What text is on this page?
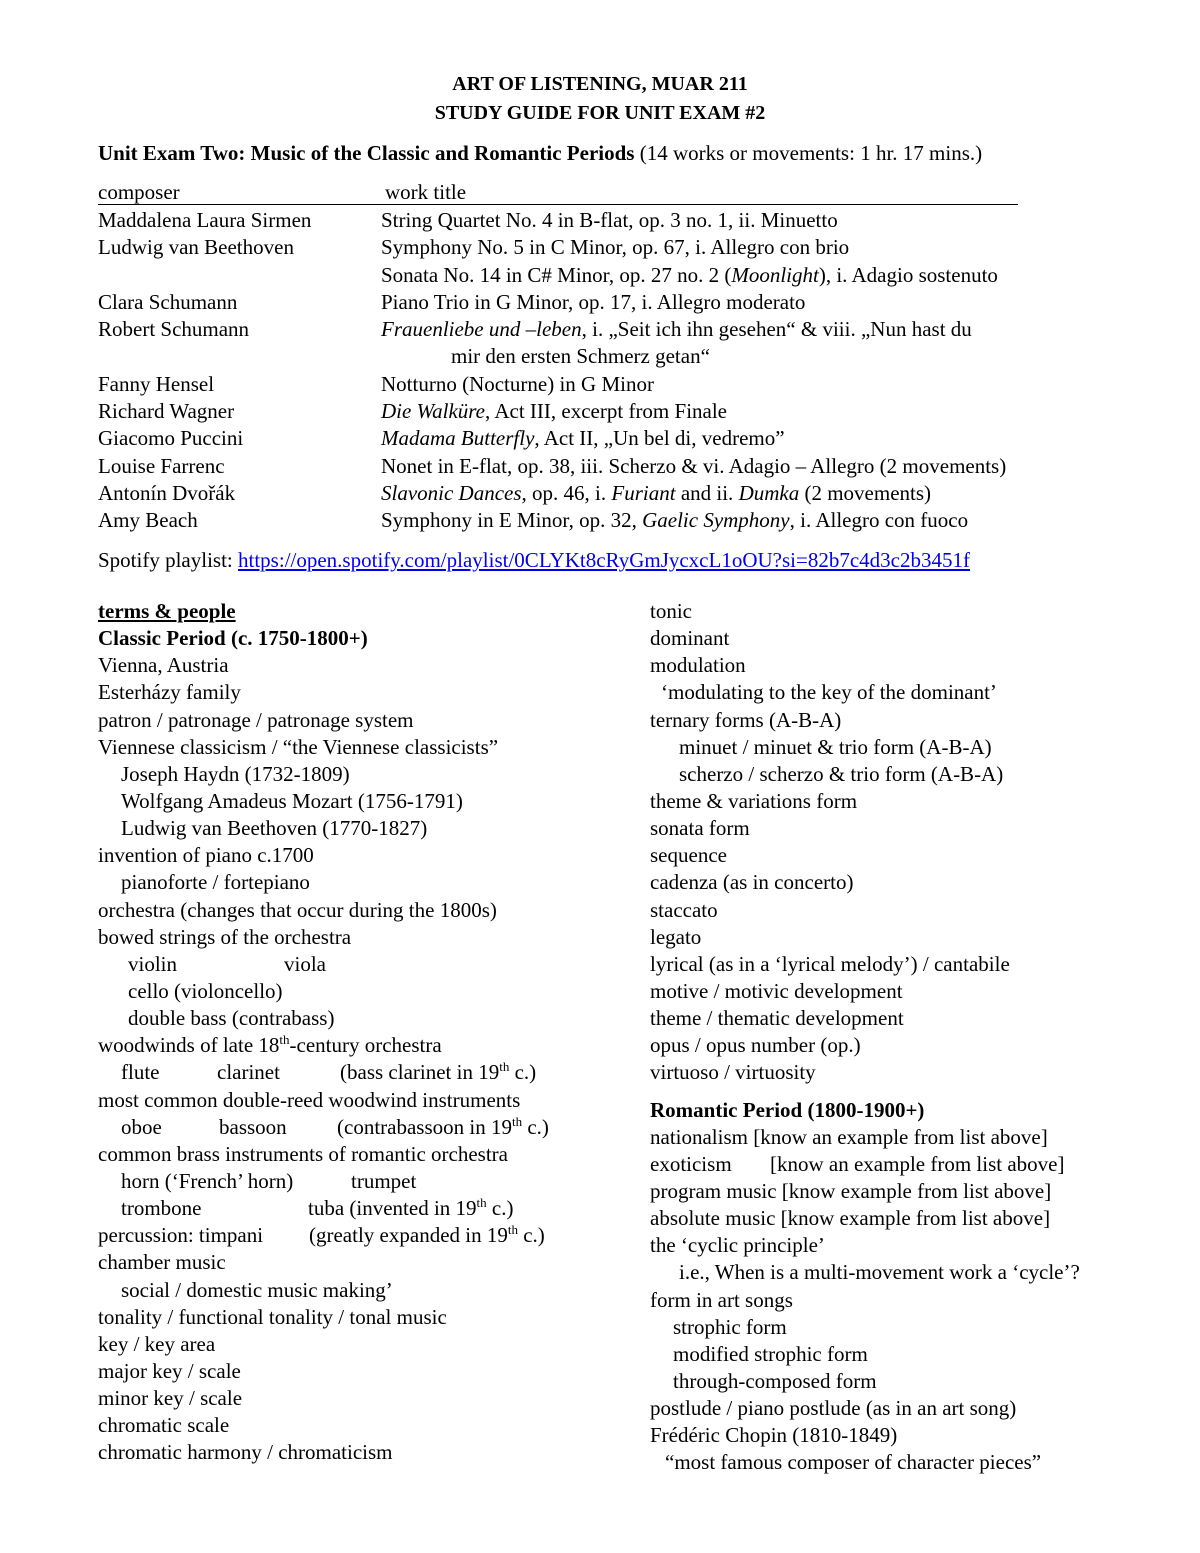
ART OF LISTENING, MUAR 211
STUDY GUIDE FOR UNIT EXAM #2
Unit Exam Two: Music of the Classic and Romantic Periods (14 works or movements: 1 hr. 17 mins.)
composer	work title
Maddalena Laura Sirmen	String Quartet No. 4 in B-flat, op. 3 no. 1, ii. Minuetto
Ludwig van Beethoven	Symphony No. 5 in C Minor, op. 67, i. Allegro con brio
Sonata No. 14 in C# Minor, op. 27 no. 2 (Moonlight), i. Adagio sostenuto
Clara Schumann	Piano Trio in G Minor, op. 17, i. Allegro moderato
Robert Schumann	Frauenliebe und –leben, i. „Seit ich ihn gesehen“ & viii. „Nun hast du
mir den ersten Schmerz getan“
Fanny Hensel	Notturno (Nocturne) in G Minor
Richard Wagner	Die Walküre, Act III, excerpt from Finale
Giacomo Puccini	Madama Butterfly, Act II, „Un bel di, vedremo”
Louise Farrenc	Nonet in E-flat, op. 38, iii. Scherzo & vi. Adagio – Allegro (2 movements)
Antonín Dvořák	Slavonic Dances, op. 46, i. Furiant and ii. Dumka (2 movements)
Amy Beach	Symphony in E Minor, op. 32, Gaelic Symphony, i. Allegro con fuoco
Spotify playlist: https://open.spotify.com/playlist/0CLYKt8cRyGmJycxcL1oOU?si=82b7c4d3c2b3451f
terms & people
Classic Period (c. 1750-1800+)
Vienna, Austria
Esterházy family
patron / patronage / patronage system
Viennese classicism / “the Viennese classicists”
Joseph Haydn (1732-1809)
Wolfgang Amadeus Mozart (1756-1791)
Ludwig van Beethoven (1770-1827)
invention of piano c.1700
pianoforte / fortepiano
orchestra (changes that occur during the 1800s)
bowed strings of the orchestra
violin	viola
cello (violoncello)
double bass (contrabass)
woodwinds of late 18th-century orchestra
flute	clarinet	(bass clarinet in 19th c.)
most common double-reed woodwind instruments
oboe	bassoon (contrabassoon in 19th c.)
common brass instruments of romantic orchestra
horn (‘French’ horn)	trumpet
trombone	tuba (invented in 19th c.)
percussion: timpani (greatly expanded in 19th c.)
chamber music
social / domestic music making’
tonality / functional tonality / tonal music
key / key area
major key / scale
minor key / scale
chromatic scale
chromatic harmony / chromaticism
tonic
dominant
modulation
‘modulating to the key of the dominant’
ternary forms (A-B-A)
minuet / minuet & trio form (A-B-A)
scherzo / scherzo & trio form (A-B-A)
theme & variations form
sonata form
sequence
cadenza (as in concerto)
staccato
legato
lyrical (as in a ‘lyrical melody’) / cantabile
motive / motivic development
theme / thematic development
opus / opus number (op.)
virtuoso / virtuosity
Romantic Period (1800-1900+)
nationalism [know an example from list above]
exoticism [know an example from list above]
program music [know example from list above]
absolute music [know example from list above]
the ‘cyclic principle’
i.e., When is a multi-movement work a ‘cycle’?
form in art songs
strophic form
modified strophic form
through-composed form
postlude / piano postlude (as in an art song)
Frédéric Chopin (1810-1849)
“most famous composer of character pieces”
